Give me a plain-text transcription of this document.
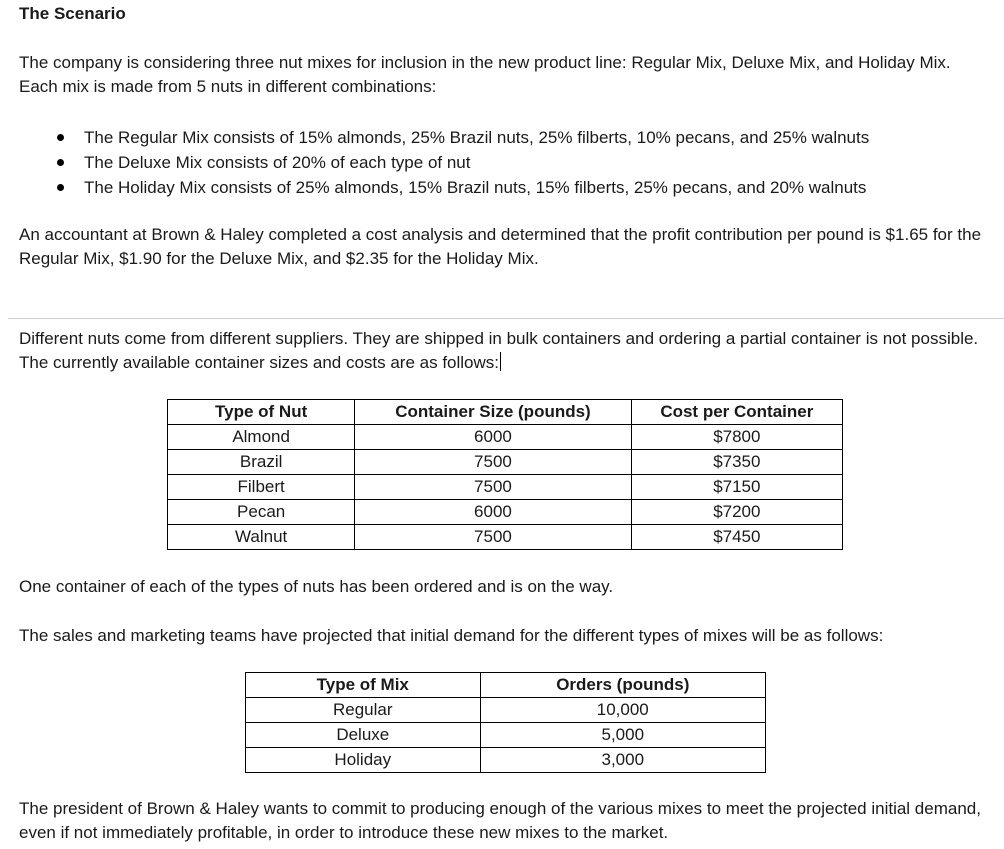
The Scenario

The company is considering three nut mixes for inclusion in the new product line: Regular Mix, Deluxe Mix, and Holiday Mix. Each mix is made from 5 nuts in different combinations:

The Regular Mix consists of 15% almonds, 25% Brazil nuts, 25% filberts, 10% pecans, and 25% walnuts
The Deluxe Mix consists of 20% of each type of nut
The Holiday Mix consists of 25% almonds, 15% Brazil nuts, 15% filberts, 25% pecans, and 20% walnuts

An accountant at Brown & Haley completed a cost analysis and determined that the profit contribution per pound is $1.65 for the Regular Mix, $1.90 for the Deluxe Mix, and $2.35 for the Holiday Mix.

Different nuts come from different suppliers. They are shipped in bulk containers and ordering a partial container is not possible. The currently available container sizes and costs are as follows:

Type of Nut	Container Size (pounds)	Cost per Container
Almond	6000	$7800
Brazil	7500	$7350
Filbert	7500	$7150
Pecan	6000	$7200
Walnut	7500	$7450

One container of each of the types of nuts has been ordered and is on the way.

The sales and marketing teams have projected that initial demand for the different types of mixes will be as follows:

Type of Mix	Orders (pounds)
Regular	10,000
Deluxe	5,000
Holiday	3,000

The president of Brown & Haley wants to commit to producing enough of the various mixes to meet the projected initial demand, even if not immediately profitable, in order to introduce these new mixes to the market.
